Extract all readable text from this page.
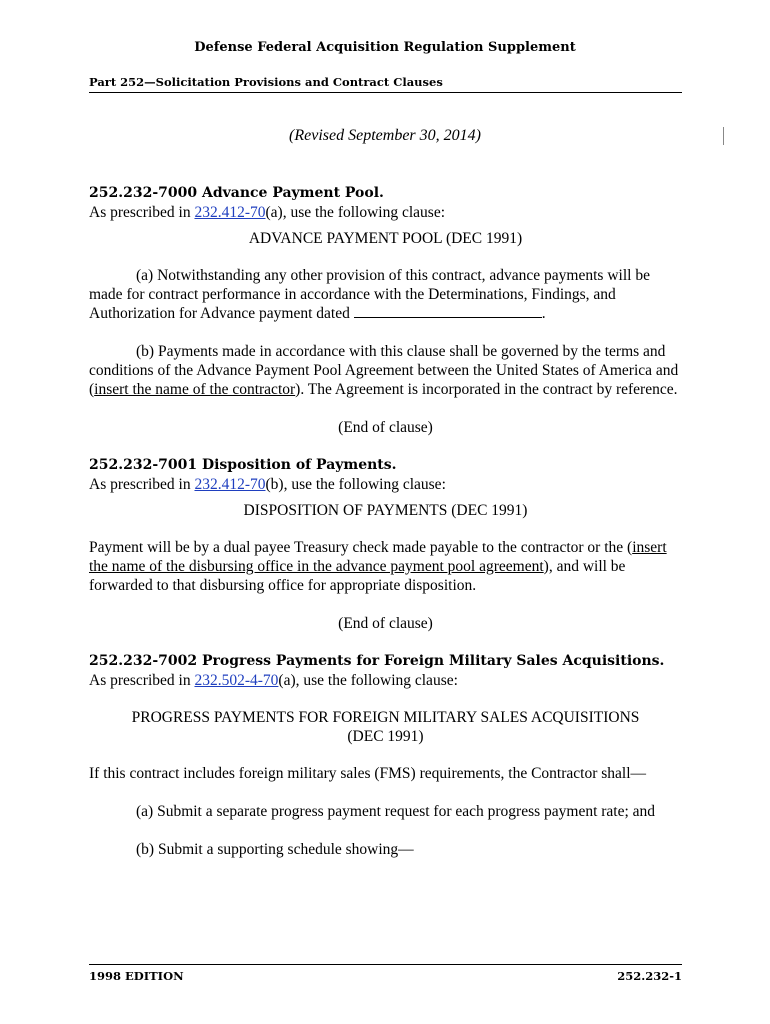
Defense Federal Acquisition Regulation Supplement
Part 252—Solicitation Provisions and Contract Clauses
(Revised September 30, 2014)

252.232-7000 Advance Payment Pool.

As prescribed in 232.412-70(a), use the following clause:

ADVANCE PAYMENT POOL (DEC 1991)

(a) Notwithstanding any other provision of this contract, advance payments will be made for contract performance in accordance with the Determinations, Findings, and Authorization for Advance payment dated	.

(b) Payments made in accordance with this clause shall be governed by the terms and conditions of the Advance Payment Pool Agreement between the United States of America and (insert the name of the contractor). The Agreement is incorporated in the contract by reference.

(End of clause)

252.232-7001 Disposition of Payments.

As prescribed in 232.412-70(b), use the following clause:

DISPOSITION OF PAYMENTS (DEC 1991)

Payment will be by a dual payee Treasury check made payable to the contractor or the (insert the name of the disbursing office in the advance payment pool agreement), and will be forwarded to that disbursing office for appropriate disposition.

(End of clause)

252.232-7002 Progress Payments for Foreign Military Sales Acquisitions.

As prescribed in 232.502-4-70(a), use the following clause:

PROGRESS PAYMENTS FOR FOREIGN MILITARY SALES ACQUISITIONS

(DEC 1991)

If this contract includes foreign military sales (FMS) requirements, the Contractor shall—

(a) Submit a separate progress payment request for each progress payment rate; and

(b) Submit a supporting schedule showing—

1998 EDITION	252.232-1
